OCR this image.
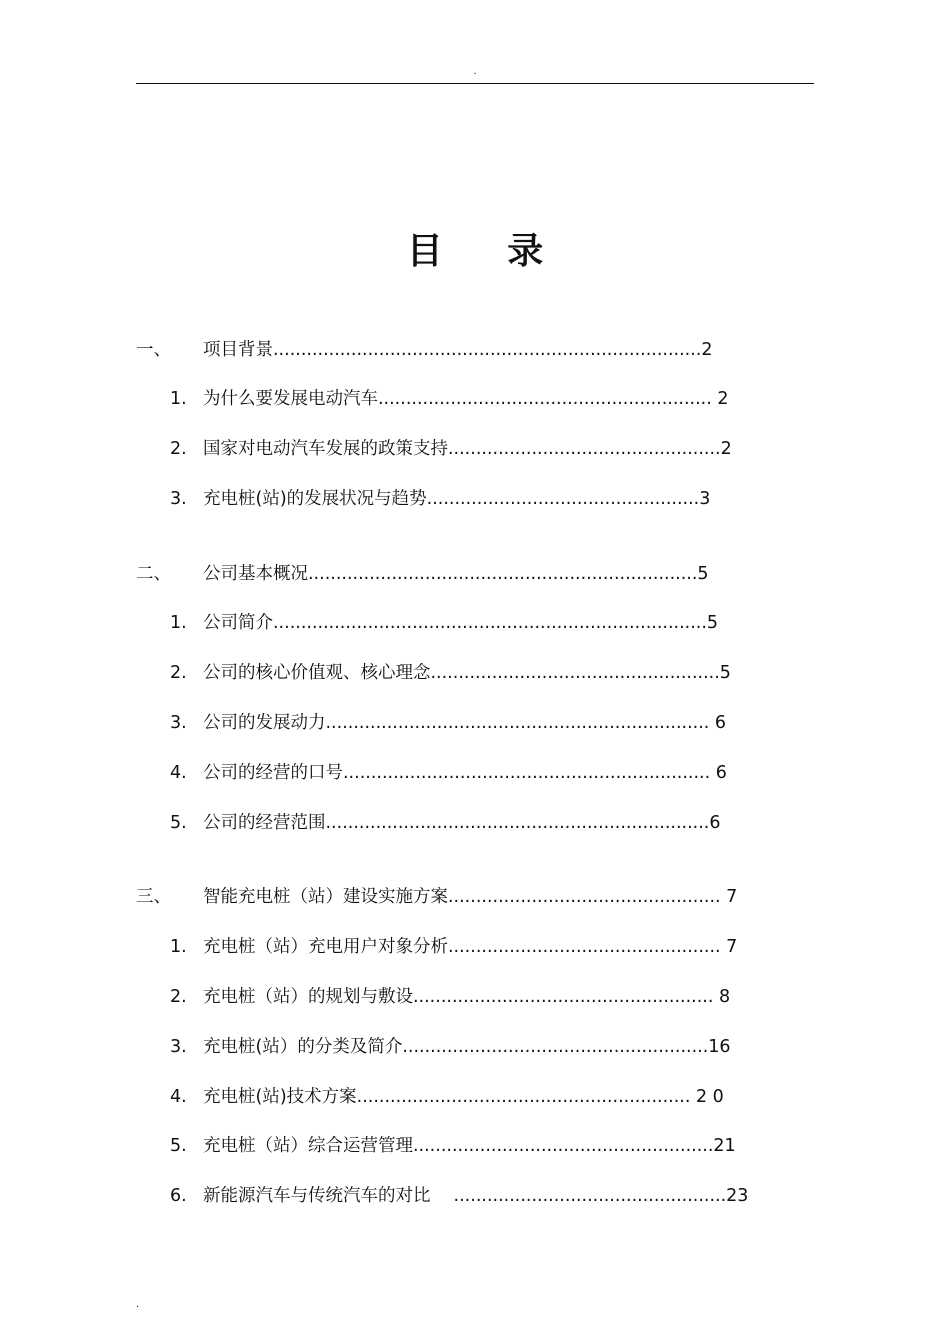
.
目 录
一、 项目背景.............................................................................2
1. 为什么要发展电动汽车............................................................ 2
2. 国家对电动汽车发展的政策支持.................................................2
3. 充电桩(站)的发展状况与趋势.................................................3
二、 公司基本概况......................................................................5
1. 公司简介..............................................................................5
2. 公司的核心价值观、核心理念....................................................5
3. 公司的发展动力..................................................................... 6
4. 公司的经营的口号.................................................................. 6
5. 公司的经营范围.....................................................................6
三、 智能充电桩（站）建设实施方案................................................. 7
1. 充电桩（站）充电用户对象分析................................................. 7
2. 充电桩（站）的规划与敷设...................................................... 8
3. 充电桩(站）的分类及简介.......................................................16
4. 充电桩(站)技术方案............................................................ 2 0
5. 充电桩（站）综合运营管理......................................................21
6. 新能源汽车与传统汽车的对比　 .................................................23
.
